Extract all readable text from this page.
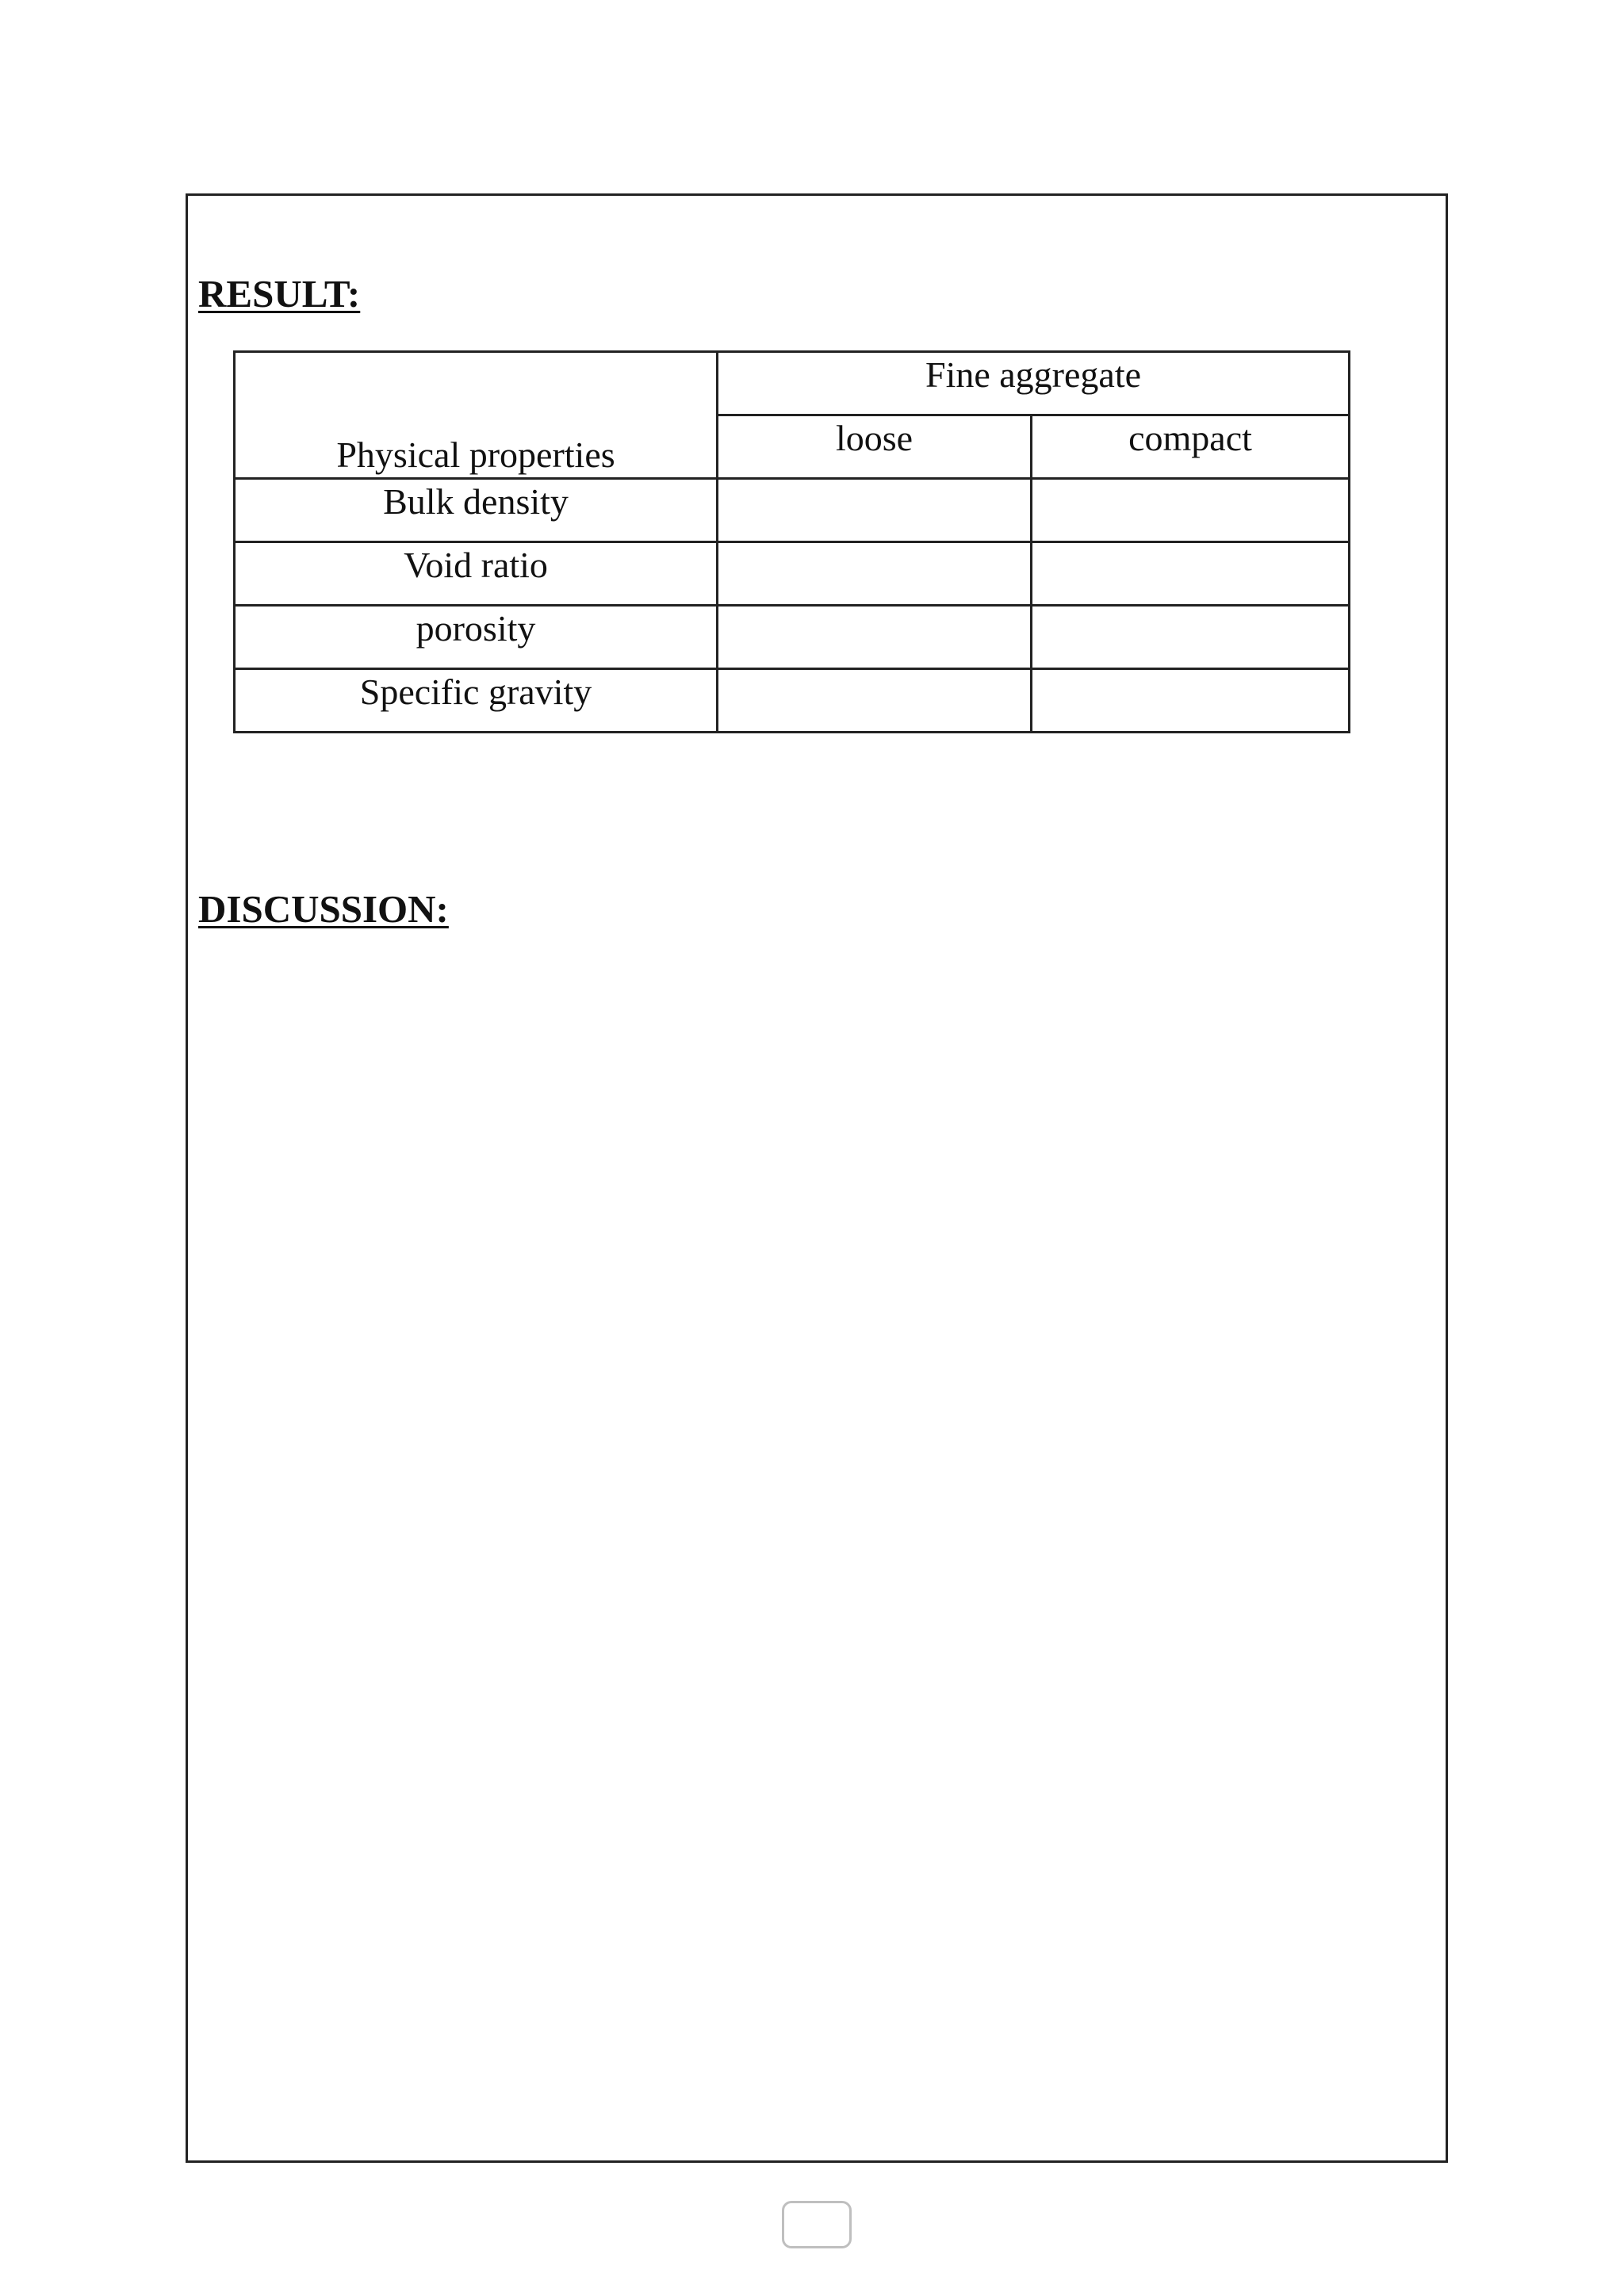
RESULT:
Physical properties	Fine aggregate	
	loose	compact
Bulk density		
Void ratio		
porosity		
Specific gravity		
DISCUSSION:
